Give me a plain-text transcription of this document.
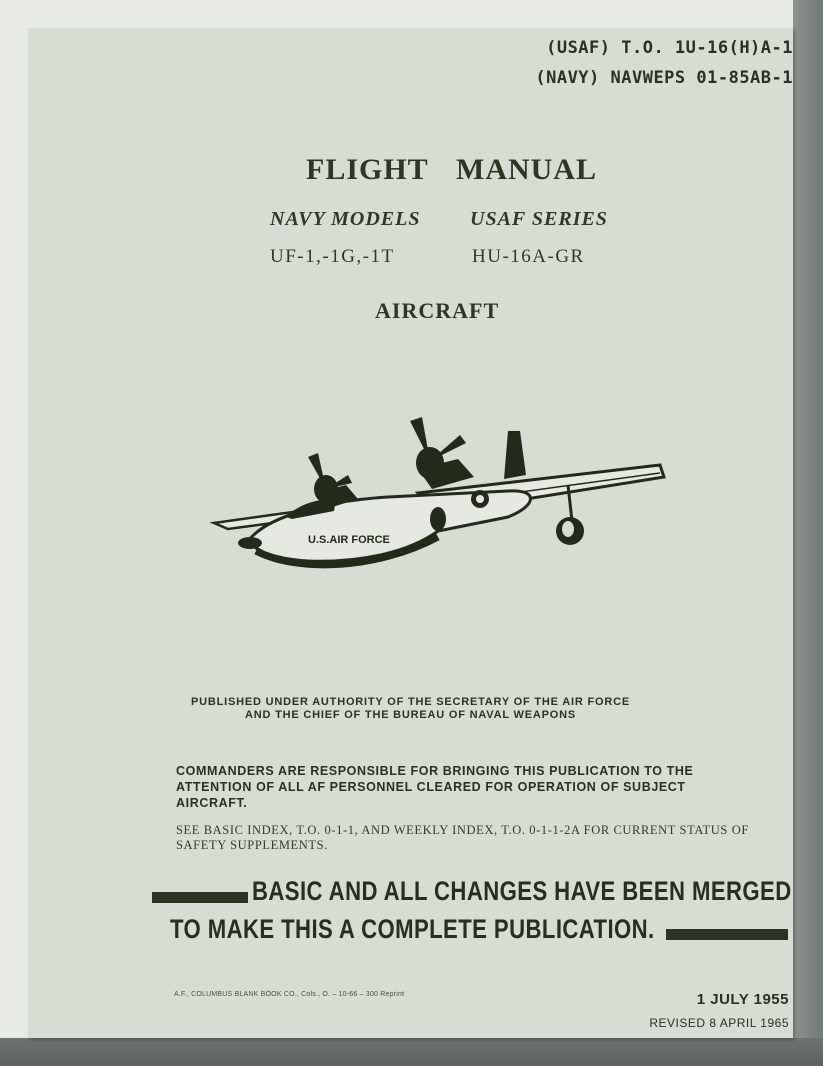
(USAF) T.O. 1U-16(H)A-1
(NAVY) NAVWEPS 01-85AB-1
FLIGHT MANUAL
NAVY MODELS USAF SERIES
UF-1,-1G,-1T	HU-16A-GR
AIRCRAFT
U.S.AIR FORCE
PUBLISHED UNDER AUTHORITY OF THE SECRETARY OF THE AIR FORCE
AND THE CHIEF OF THE BUREAU OF NAVAL WEAPONS
COMMANDERS ARE RESPONSIBLE FOR BRINGING THIS PUBLICATION TO THE ATTENTION OF ALL AF PERSONNEL CLEARED FOR OPERATION OF SUBJECT AIRCRAFT.
SEE BASIC INDEX, T.O. 0-1-1, AND WEEKLY INDEX, T.O. 0-1-1-2A FOR CURRENT STATUS OF SAFETY SUPPLEMENTS.
BASIC AND ALL CHANGES HAVE BEEN MERGED
TO MAKE THIS A COMPLETE PUBLICATION.
A.F., COLUMBUS BLANK BOOK CO., Cols., O. – 10-66 – 300 Reprint	1 JULY 1955
REVISED 8 APRIL 1965
